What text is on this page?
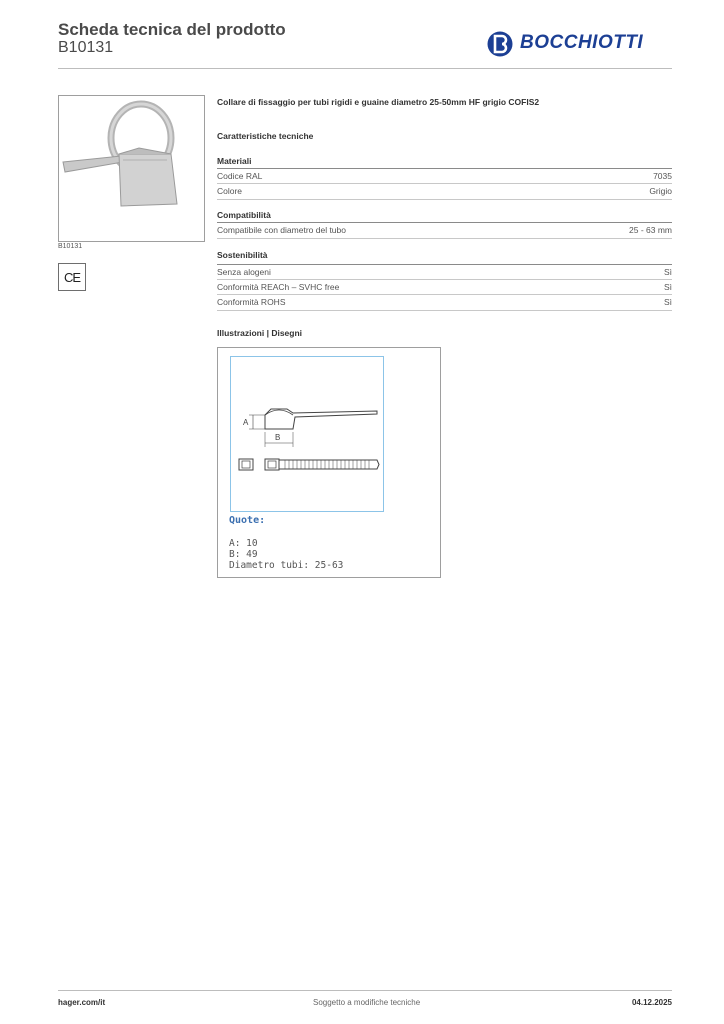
Scheda tecnica del prodotto
B10131	BOCCHIOTTI
B10131
CE
Collare di fissaggio per tubi rigidi e guaine diametro 25-50mm HF grigio COFIS2
Caratteristiche tecniche
Materiali
Codice RAL	7035
Colore	Grigio
Compatibilità
Compatibile con diametro del tubo	25 - 63 mm
Sostenibilità
Senza alogeni	Sì
Conformità REACh – SVHC free	Sì
Conformità ROHS	Sì
Illustrazioni | Disegni
A
B
Quote:
A: 10
B: 49
Diametro tubi: 25-63
hager.com/it	Soggetto a modifiche tecniche	04.12.2025
